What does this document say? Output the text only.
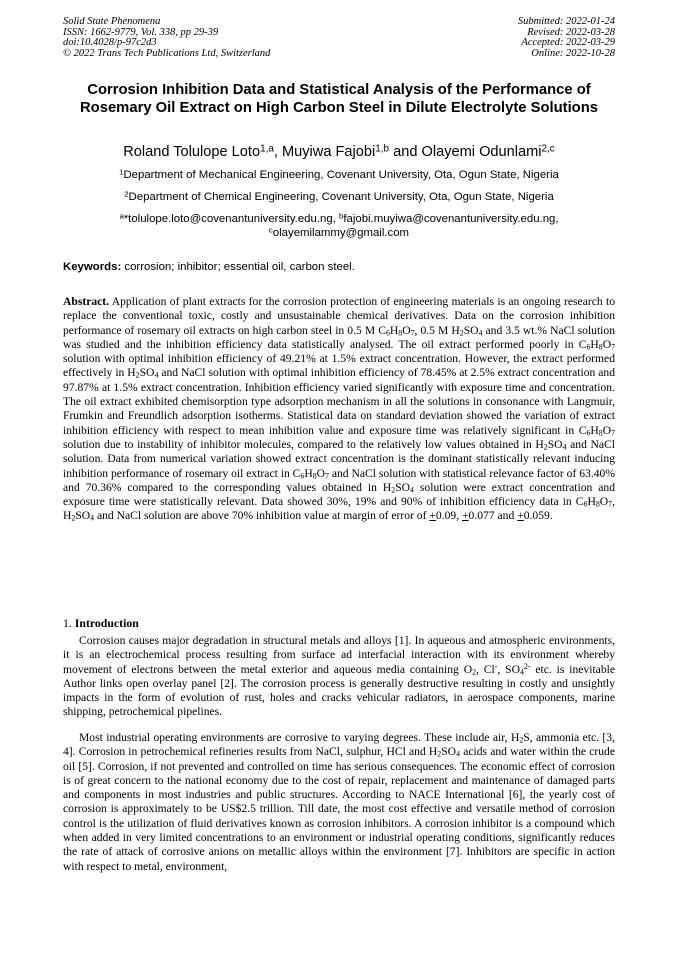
Solid State Phenomena
ISSN: 1662-9779, Vol. 338, pp 29-39
doi:10.4028/p-97c2d3
© 2022 Trans Tech Publications Ltd, Switzerland
Submitted: 2022-01-24
Revised: 2022-03-28
Accepted: 2022-03-29
Online: 2022-10-28
Corrosion Inhibition Data and Statistical Analysis of the Performance of Rosemary Oil Extract on High Carbon Steel in Dilute Electrolyte Solutions
Roland Tolulope Loto$^{1,a}$, Muyiwa Fajobi$^{1,b}$ and Olayemi Odunlami$^{2,c}$
$^1$Department of Mechanical Engineering, Covenant University, Ota, Ogun State, Nigeria
$^2$Department of Chemical Engineering, Covenant University, Ota, Ogun State, Nigeria
$^a$*tolulope.loto@covenantuniversity.edu.ng, $^b$fajobi.muyiwa@covenantuniversity.edu.ng,
$^c$olayemilammy@gmail.com
Keywords: corrosion; inhibitor; essential oil, carbon steel.

Abstract. Application of plant extracts for the corrosion protection of engineering materials is an ongoing research to replace the conventional toxic, costly and unsustainable chemical derivatives. Data on the corrosion inhibition performance of rosemary oil extracts on high carbon steel in 0.5 M $C_6H_8O_7$, 0.5 M $H_2SO_4$ and 3.5 wt.% NaCl solution was studied and the inhibition efficiency data statistically analysed. The oil extract performed poorly in $C_6H_8O_7$ solution with optimal inhibition efficiency of 49.21% at 1.5% extract concentration. However, the extract performed effectively in $H_2SO_4$ and NaCl solution with optimal inhibition efficiency of 78.45% at 2.5% extract concentration and 97.87% at 1.5% extract concentration. Inhibition efficiency varied significantly with exposure time and concentration. The oil extract exhibited chemisorption type adsorption mechanism in all the solutions in consonance with Langmuir, Frumkin and Freundlich adsorption isotherms. Statistical data on standard deviation showed the variation of extract inhibition efficiency with respect to mean inhibition value and exposure time was relatively significant in $C_6H_8O_7$ solution due to instability of inhibitor molecules, compared to the relatively low values obtained in $H_2SO_4$ and NaCl solution. Data from numerical variation showed extract concentration is the dominant statistically relevant inducing inhibition performance of rosemary oil extract in $C_6H_8O_7$ and NaCl solution with statistical relevance factor of 63.40% and 70.36% compared to the corresponding values obtained in $H_2SO_4$ solution were extract concentration and exposure time were statistically relevant. Data showed 30%, 19% and 90% of inhibition efficiency data in $C_6H_8O_7$, $H_2SO_4$ and NaCl solution are above 70% inhibition value at margin of error of +0.09, +0.077 and +0.059.

1. Introduction

Corrosion causes major degradation in structural metals and alloys [1]. In aqueous and atmospheric environments, it is an electrochemical process resulting from surface ad interfacial interaction with its environment whereby movement of electrons between the metal exterior and aqueous media containing $O_2$, Cl-, $SO_4^{2-}$ etc. is inevitable Author links open overlay panel [2]. The corrosion process is generally destructive resulting in costly and unsightly impacts in the form of evolution of rust, holes and cracks vehicular radiators, in aerospace components, marine shipping, petrochemical pipelines.

Most industrial operating environments are corrosive to varying degrees. These include air, $H_2S$, ammonia etc. [3, 4]. Corrosion in petrochemical refineries results from NaCl, sulphur, HCl and $H_2SO_4$ acids and water within the crude oil [5]. Corrosion, if not prevented and controlled on time has serious consequences. The economic effect of corrosion is of great concern to the national economy due to the cost of repair, replacement and maintenance of damaged parts and components in most industries and public structures. According to NACE International [6], the yearly cost of corrosion is approximately to be US$2.5 trillion. Till date, the most cost effective and versatile method of corrosion control is the utilization of fluid derivatives known as corrosion inhibitors. A corrosion inhibitor is a compound which when added in very limited concentrations to an environment or industrial operating conditions, significantly reduces the rate of attack of corrosive anions on metallic alloys within the environment [7]. Inhibitors are specific in action with respect to metal, environment,
